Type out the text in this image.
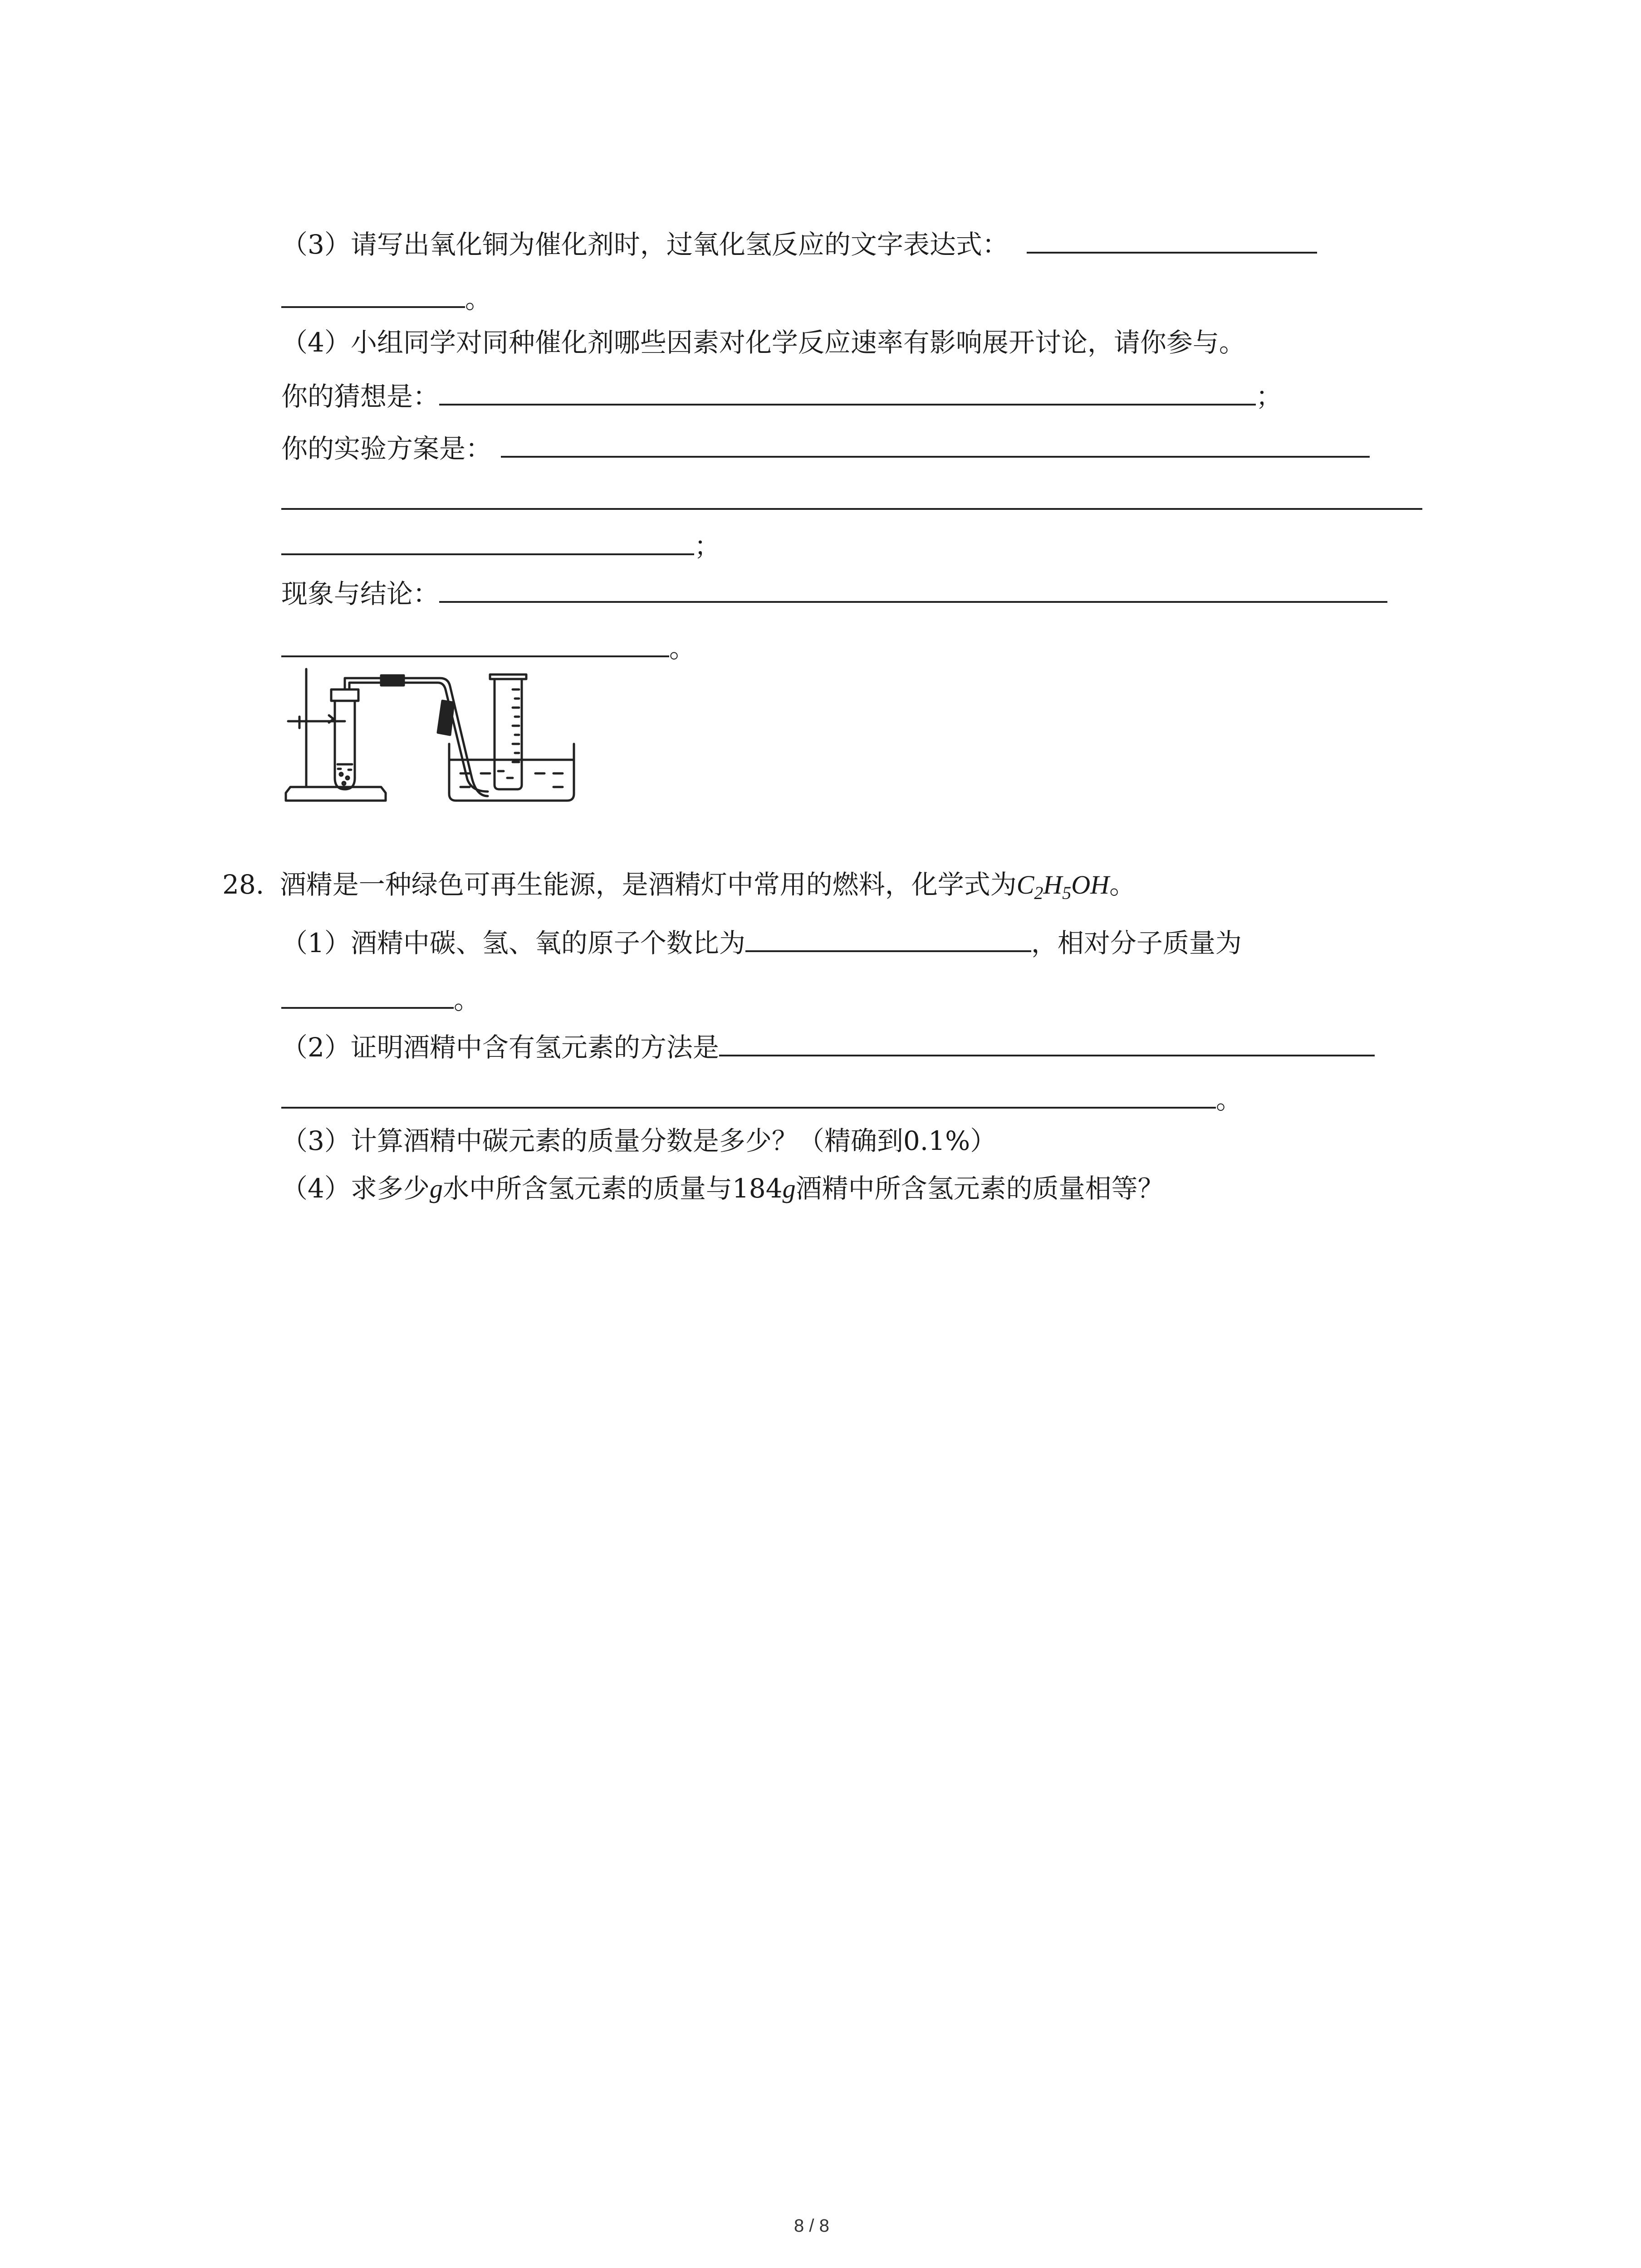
（3）请写出氧化铜为催化剂时，过氧化氢反应的文字表达式：
。
（4）小组同学对同种催化剂哪些因素对化学反应速率有影响展开讨论，请你参与。
你的猜想是：	；
你的实验方案是：
；
现象与结论：
。
28. 酒精是一种绿色可再生能源，是酒精灯中常用的燃料，化学式为$C_2H_5OH$。
（1）酒精中碳、氢、氧的原子个数比为	，相对分子质量为
。
（2）证明酒精中含有氢元素的方法是
。
（3）计算酒精中碳元素的质量分数是多少？（精确到0.1%）
（4）求多少g水中所含氢元素的质量与184g酒精中所含氢元素的质量相等？
8 / 8
